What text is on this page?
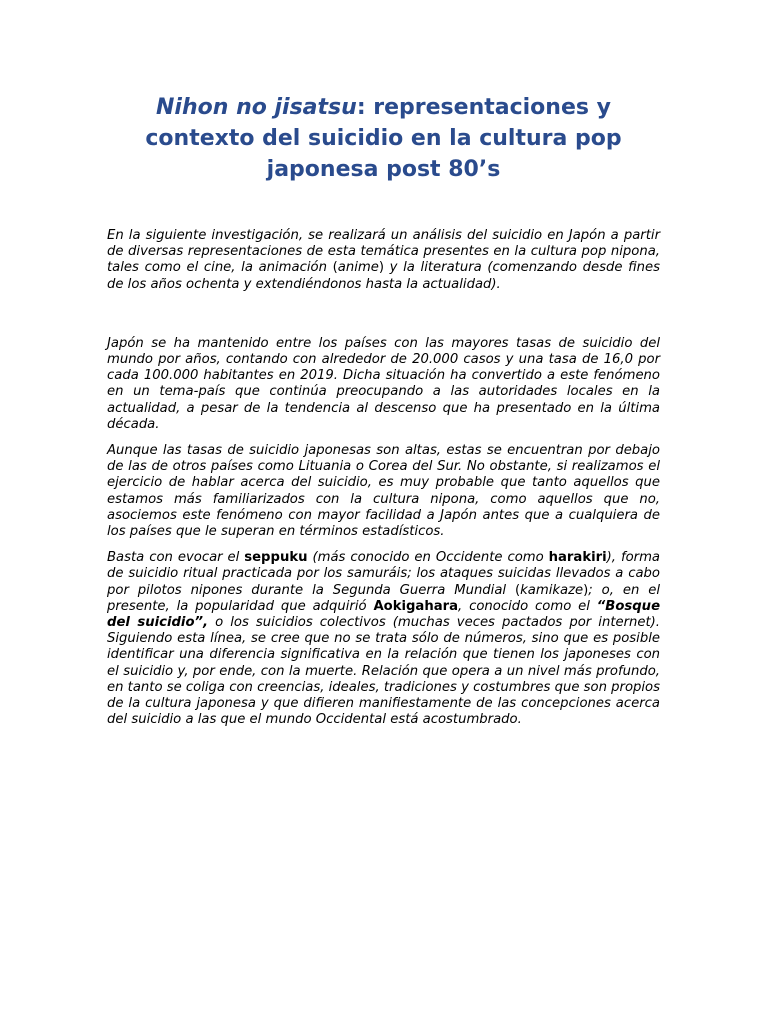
Nihon no jisatsu: representaciones y contexto del suicidio en la cultura pop japonesa post 80’s

En la siguiente investigación, se realizará un análisis del suicidio en Japón a partir de diversas representaciones de esta temática presentes en la cultura pop nipona, tales como el cine, la animación (anime) y la literatura (comenzando desde fines de los años ochenta y extendiéndonos hasta la actualidad).

Japón se ha mantenido entre los países con las mayores tasas de suicidio del mundo por años, contando con alrededor de 20.000 casos y una tasa de 16,0 por cada 100.000 habitantes en 2019. Dicha situación ha convertido a este fenómeno en un tema-país que continúa preocupando a las autoridades locales en la actualidad, a pesar de la tendencia al descenso que ha presentado en la última década.

Aunque las tasas de suicidio japonesas son altas, estas se encuentran por debajo de las de otros países como Lituania o Corea del Sur. No obstante, si realizamos el ejercicio de hablar acerca del suicidio, es muy probable que tanto aquellos que estamos más familiarizados con la cultura nipona, como aquellos que no, asociemos este fenómeno con mayor facilidad a Japón antes que a cualquiera de los países que le superan en términos estadísticos.

Basta con evocar el seppuku (más conocido en Occidente como harakiri), forma de suicidio ritual practicada por los samuráis; los ataques suicidas llevados a cabo por pilotos nipones durante la Segunda Guerra Mundial (kamikaze); o, en el presente, la popularidad que adquirió Aokigahara, conocido como el “Bosque del suicidio”, o los suicidios colectivos (muchas veces pactados por internet). Siguiendo esta línea, se cree que no se trata sólo de números, sino que es posible identificar una diferencia significativa en la relación que tienen los japoneses con el suicidio y, por ende, con la muerte. Relación que opera a un nivel más profundo, en tanto se coliga con creencias, ideales, tradiciones y costumbres que son propios de la cultura japonesa y que difieren manifiestamente de las concepciones acerca del suicidio a las que el mundo Occidental está acostumbrado.
